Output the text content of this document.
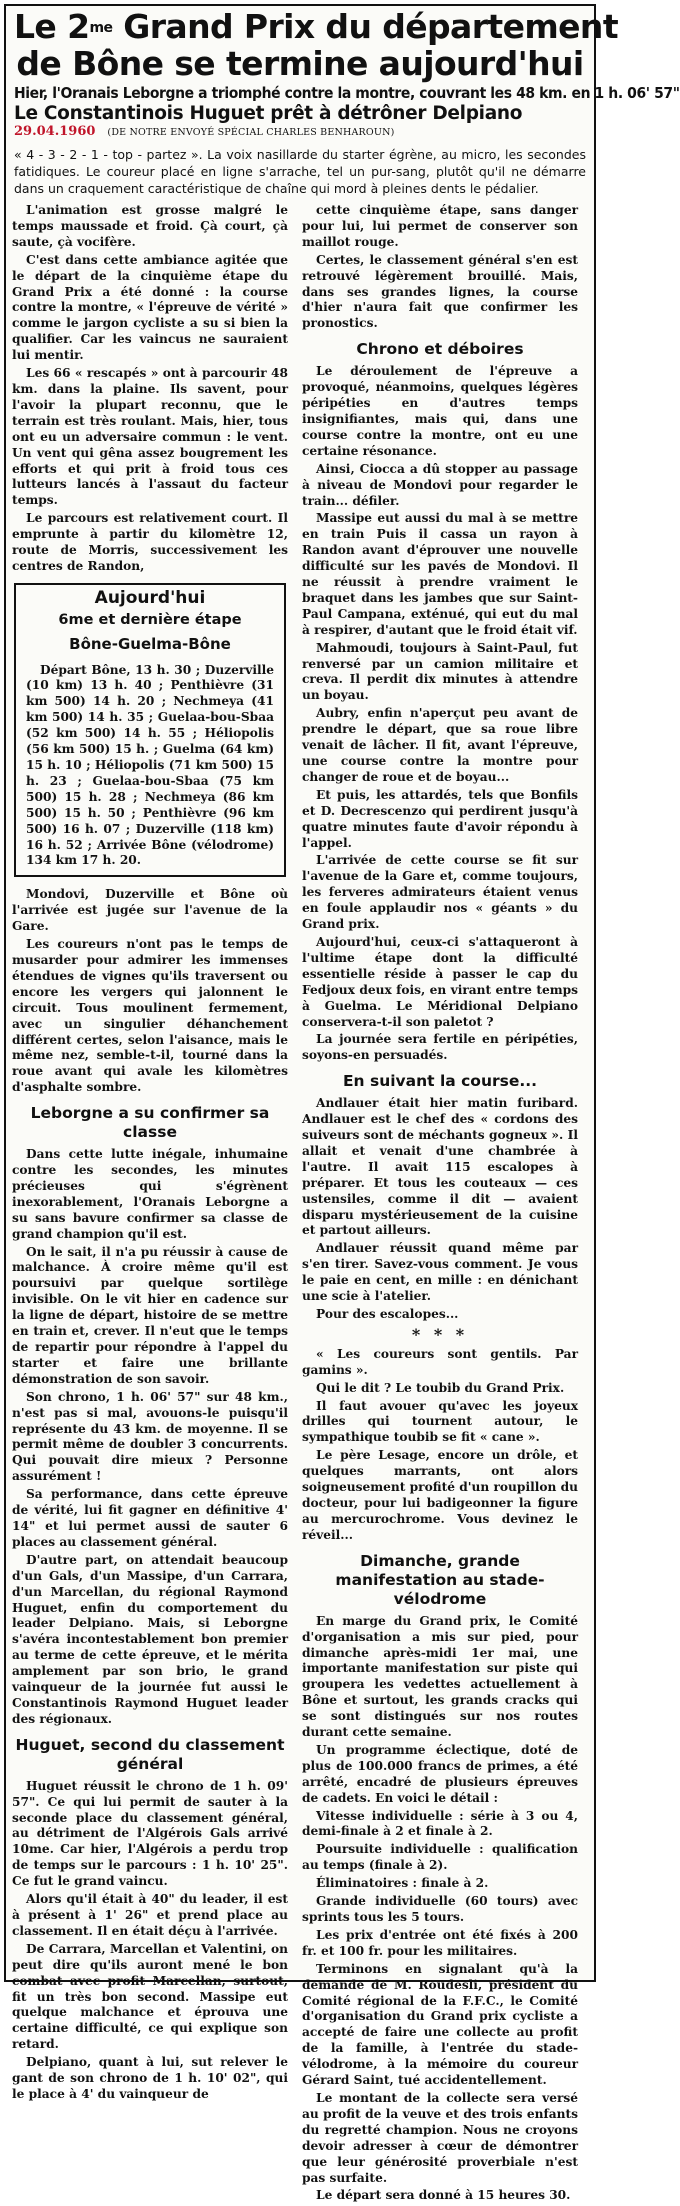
Le $2^{me}$ Grand Prix du département
de Bône se termine aujourd'hui

Hier, l'Oranais Leborgne a triomphé contre la montre, couvrant les 48 km. en 1 h. 06' 57"

Le Constantinois Huguet prêt à détrôner Delpiano

29.04.1960 (DE NOTRE ENVOYÉ SPÉCIAL CHARLES BENHAROUN)

« 4 - 3 - 2 - 1 - top - partez ». La voix nasillarde du starter égrène, au micro, les secondes fatidiques. Le coureur placé en ligne s'arrache, tel un pur-sang, plutôt qu'il ne démarre dans un craquement caractéristique de chaîne qui mord à pleines dents le pédalier.

L'animation est grosse malgré le temps maussade et froid. Çà court, çà saute, çà vocifère.

C'est dans cette ambiance agitée que le départ de la cinquième étape du Grand Prix a été donné : la course contre la montre, « l'épreuve de vérité » comme le jargon cycliste a su si bien la qualifier. Car les vaincus ne sauraient lui mentir.

Les 66 « rescapés » ont à parcourir 48 km. dans la plaine. Ils savent, pour l'avoir la plupart reconnu, que le terrain est très roulant. Mais, hier, tous ont eu un adversaire commun : le vent. Un vent qui gêna assez bougrement les efforts et qui prit à froid tous ces lutteurs lancés à l'assaut du facteur temps.

Le parcours est relativement court. Il emprunte à partir du kilomètre 12, route de Morris, successivement les centres de Randon,

Aujourd'hui
6me et dernière étape
Bône-Guelma-Bône

Départ Bône, 13 h. 30 ; Duzerville (10 km) 13 h. 40 ; Penthièvre (31 km 500) 14 h. 20 ; Nechmeya (41 km 500) 14 h. 35 ; Guelaa-bou-Sbaa (52 km 500) 14 h. 55 ; Héliopolis (56 km 500) 15 h. ; Guelma (64 km) 15 h. 10 ; Héliopolis (71 km 500) 15 h. 23 ; Guelaa-bou-Sbaa (75 km 500) 15 h. 28 ; Nechmeya (86 km 500) 15 h. 50 ; Penthièvre (96 km 500) 16 h. 07 ; Duzerville (118 km) 16 h. 52 ; Arrivée Bône (vélodrome) 134 km 17 h. 20.

Mondovi, Duzerville et Bône où l'arrivée est jugée sur l'avenue de la Gare.

Les coureurs n'ont pas le temps de musarder pour admirer les immenses étendues de vignes qu'ils traversent ou encore les vergers qui jalonnent le circuit. Tous moulinent fermement, avec un singulier déhanchement différent certes, selon l'aisance, mais le même nez, semble-t-il, tourné dans la roue avant qui avale les kilomètres d'asphalte sombre.

Leborgne a su confirmer sa classe

Dans cette lutte inégale, inhumaine contre les secondes, les minutes précieuses qui s'égrènent inexorablement, l'Oranais Leborgne a su sans bavure confirmer sa classe de grand champion qu'il est.

On le sait, il n'a pu réussir à cause de malchance. À croire même qu'il est poursuivi par quelque sortilège invisible. On le vit hier en cadence sur la ligne de départ, histoire de se mettre en train et, crever. Il n'eut que le temps de repartir pour répondre à l'appel du starter et faire une brillante démonstration de son savoir.

Son chrono, 1 h. 06' 57" sur 48 km., n'est pas si mal, avouons-le puisqu'il représente du 43 km. de moyenne. Il se permit même de doubler 3 concurrents. Qui pouvait dire mieux ? Personne assurément !

Sa performance, dans cette épreuve de vérité, lui fit gagner en définitive 4' 14" et lui permet aussi de sauter 6 places au classement général.

D'autre part, on attendait beaucoup d'un Gals, d'un Massipe, d'un Carrara, d'un Marcellan, du régional Raymond Huguet, enfin du comportement du leader Delpiano. Mais, si Leborgne s'avéra incontestablement bon premier au terme de cette épreuve, et le mérita amplement par son brio, le grand vainqueur de la journée fut aussi le Constantinois Raymond Huguet leader des régionaux.

Huguet, second du classement général

Huguet réussit le chrono de 1 h. 09' 57". Ce qui lui permit de sauter à la seconde place du classement général, au détriment de l'Algérois Gals arrivé 10me. Car hier, l'Algérois a perdu trop de temps sur le parcours : 1 h. 10' 25". Ce fut le grand vaincu.

Alors qu'il était à 40" du leader, il est à présent à 1' 26" et prend place au classement. Il en était déçu à l'arrivée.

De Carrara, Marcellan et Valentini, on peut dire qu'ils auront mené le bon combat avec profit Marcellan, surtout, fit un très bon second. Massipe eut quelque malchance et éprouva une certaine difficulté, ce qui explique son retard.

Delpiano, quant à lui, sut relever le gant de son chrono de 1 h. 10' 02", qui le place à 4' du vainqueur de

cette cinquième étape, sans danger pour lui, lui permet de conserver son maillot rouge.

Certes, le classement général s'en est retrouvé légèrement brouillé. Mais, dans ses grandes lignes, la course d'hier n'aura fait que confirmer les pronostics.

Chrono et déboires

Le déroulement de l'épreuve a provoqué, néanmoins, quelques légères péripéties en d'autres temps insignifiantes, mais qui, dans une course contre la montre, ont eu une certaine résonance.

Ainsi, Ciocca a dû stopper au passage à niveau de Mondovi pour regarder le train... défiler.

Massipe eut aussi du mal à se mettre en train Puis il cassa un rayon à Randon avant d'éprouver une nouvelle difficulté sur les pavés de Mondovi. Il ne réussit à prendre vraiment le braquet dans les jambes que sur Saint-Paul Campana, exténué, qui eut du mal à respirer, d'autant que le froid était vif.

Mahmoudi, toujours à Saint-Paul, fut renversé par un camion militaire et creva. Il perdit dix minutes à attendre un boyau.

Aubry, enfin n'aperçut peu avant de prendre le départ, que sa roue libre venait de lâcher. Il fit, avant l'épreuve, une course contre la montre pour changer de roue et de boyau...

Et puis, les attardés, tels que Bonfils et D. Decrescenzo qui perdirent jusqu'à quatre minutes faute d'avoir répondu à l'appel.

L'arrivée de cette course se fit sur l'avenue de la Gare et, comme toujours, les ferveres admirateurs étaient venus en foule applaudir nos « géants » du Grand prix.

Aujourd'hui, ceux-ci s'attaqueront à l'ultime étape dont la difficulté essentielle réside à passer le cap du Fedjoux deux fois, en virant entre temps à Guelma. Le Méridional Delpiano conservera-t-il son paletot ?

La journée sera fertile en péripéties, soyons-en persuadés.

En suivant la course...

Andlauer était hier matin furibard. Andlauer est le chef des « cordons des suiveurs sont de méchants gogneux ». Il allait et venait d'une chambrée à l'autre. Il avait 115 escalopes à préparer. Et tous les couteaux — ces ustensiles, comme il dit — avaient disparu mystérieusement de la cuisine et partout ailleurs.

Andlauer réussit quand même par s'en tirer. Savez-vous comment. Je vous le paie en cent, en mille : en dénichant une scie à l'atelier.

Pour des escalopes...

* * *

« Les coureurs sont gentils. Par gamins ».

Qui le dit ? Le toubib du Grand Prix.

Il faut avouer qu'avec les joyeux drilles qui tournent autour, le sympathique toubib se fit « cane ».

Le père Lesage, encore un drôle, et quelques marrants, ont alors soigneusement profité d'un roupillon du docteur, pour lui badigeonner la figure au mercurochrome. Vous devinez le réveil...

Dimanche, grande manifestation au stade-vélodrome

En marge du Grand prix, le Comité d'organisation a mis sur pied, pour dimanche après-midi 1er mai, une importante manifestation sur piste qui groupera les vedettes actuellement à Bône et surtout, les grands cracks qui se sont distingués sur nos routes durant cette semaine.

Un programme éclectique, doté de plus de 100.000 francs de primes, a été arrêté, encadré de plusieurs épreuves de cadets. En voici le détail :

Vitesse individuelle : série à 3 ou 4, demi-finale à 2 et finale à 2.

Poursuite individuelle : qualification au temps (finale à 2).

Éliminatoires : finale à 2.

Grande individuelle (60 tours) avec sprints tous les 5 tours.

Les prix d'entrée ont été fixés à 200 fr. et 100 fr. pour les militaires.

Terminons en signalant qu'à la demande de M. Roudesli, président du Comité régional de la F.F.C., le Comité d'organisation du Grand prix cycliste a accepté de faire une collecte au profit de la famille, à l'entrée du stade-vélodrome, à la mémoire du coureur Gérard Saint, tué accidentellement.

Le montant de la collecte sera versé au profit de la veuve et des trois enfants du regretté champion. Nous ne croyons devoir adresser à cœur de démontrer que leur générosité proverbiale n'est pas surfaite.

Le départ sera donné à 15 heures 30.
